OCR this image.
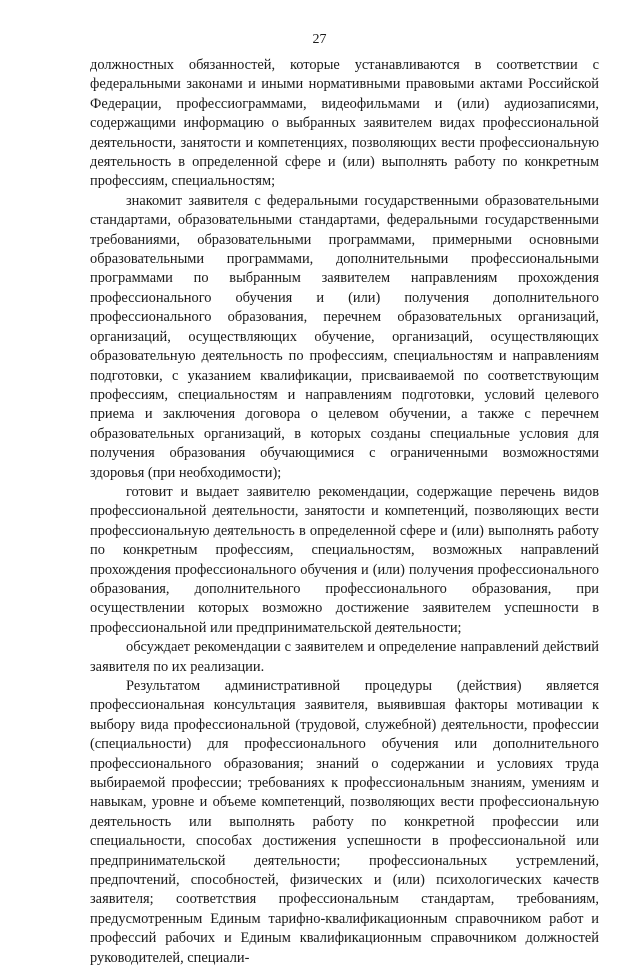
27

должностных обязанностей, которые устанавливаются в соответствии с федеральными законами и иными нормативными правовыми актами Российской Федерации, профессиограммами, видеофильмами и (или) аудиозаписями, содержащими информацию о выбранных заявителем видах профессиональной деятельности, занятости и компетенциях, позволяющих вести профессиональную деятельность в определенной сфере и (или) выполнять работу по конкретным профессиям, специальностям;

знакомит заявителя с федеральными государственными образовательными стандартами, образовательными стандартами, федеральными государственными требованиями, образовательными программами, примерными основными образовательными программами, дополнительными профессиональными программами по выбранным заявителем направлениям прохождения профессионального обучения и (или) получения дополнительного профессионального образования, перечнем образовательных организаций, организаций, осуществляющих обучение, организаций, осуществляющих образовательную деятельность по профессиям, специальностям и направлениям подготовки, с указанием квалификации, присваиваемой по соответствующим профессиям, специальностям и направлениям подготовки, условий целевого приема и заключения договора о целевом обучении, а также с перечнем образовательных организаций, в которых созданы специальные условия для получения образования обучающимися с ограниченными возможностями здоровья (при необходимости);

готовит и выдает заявителю рекомендации, содержащие перечень видов профессиональной деятельности, занятости и компетенций, позволяющих вести профессиональную деятельность в определенной сфере и (или) выполнять работу по конкретным профессиям, специальностям, возможных направлений прохождения профессионального обучения и (или) получения профессионального образования, дополнительного профессионального образования, при осуществлении которых возможно достижение заявителем успешности в профессиональной или предпринимательской деятельности;

обсуждает рекомендации с заявителем и определение направлений действий заявителя по их реализации.

Результатом административной процедуры (действия) является профессиональная консультация заявителя, выявившая факторы мотивации к выбору вида профессиональной (трудовой, служебной) деятельности, профессии (специальности) для профессионального обучения или дополнительного профессионального образования; знаний о содержании и условиях труда выбираемой профессии; требованиях к профессиональным знаниям, умениям и навыкам, уровне и объеме компетенций, позволяющих вести профессиональную деятельность или выполнять работу по конкретной профессии или специальности, способах достижения успешности в профессиональной или предпринимательской деятельности; профессиональных устремлений, предпочтений, способностей, физических и (или) психологических качеств заявителя; соответствия профессиональным стандартам, требованиям, предусмотренным Единым тарифно-квалификационным справочником работ и профессий рабочих и Единым квалификационным справочником должностей руководителей, специали-
